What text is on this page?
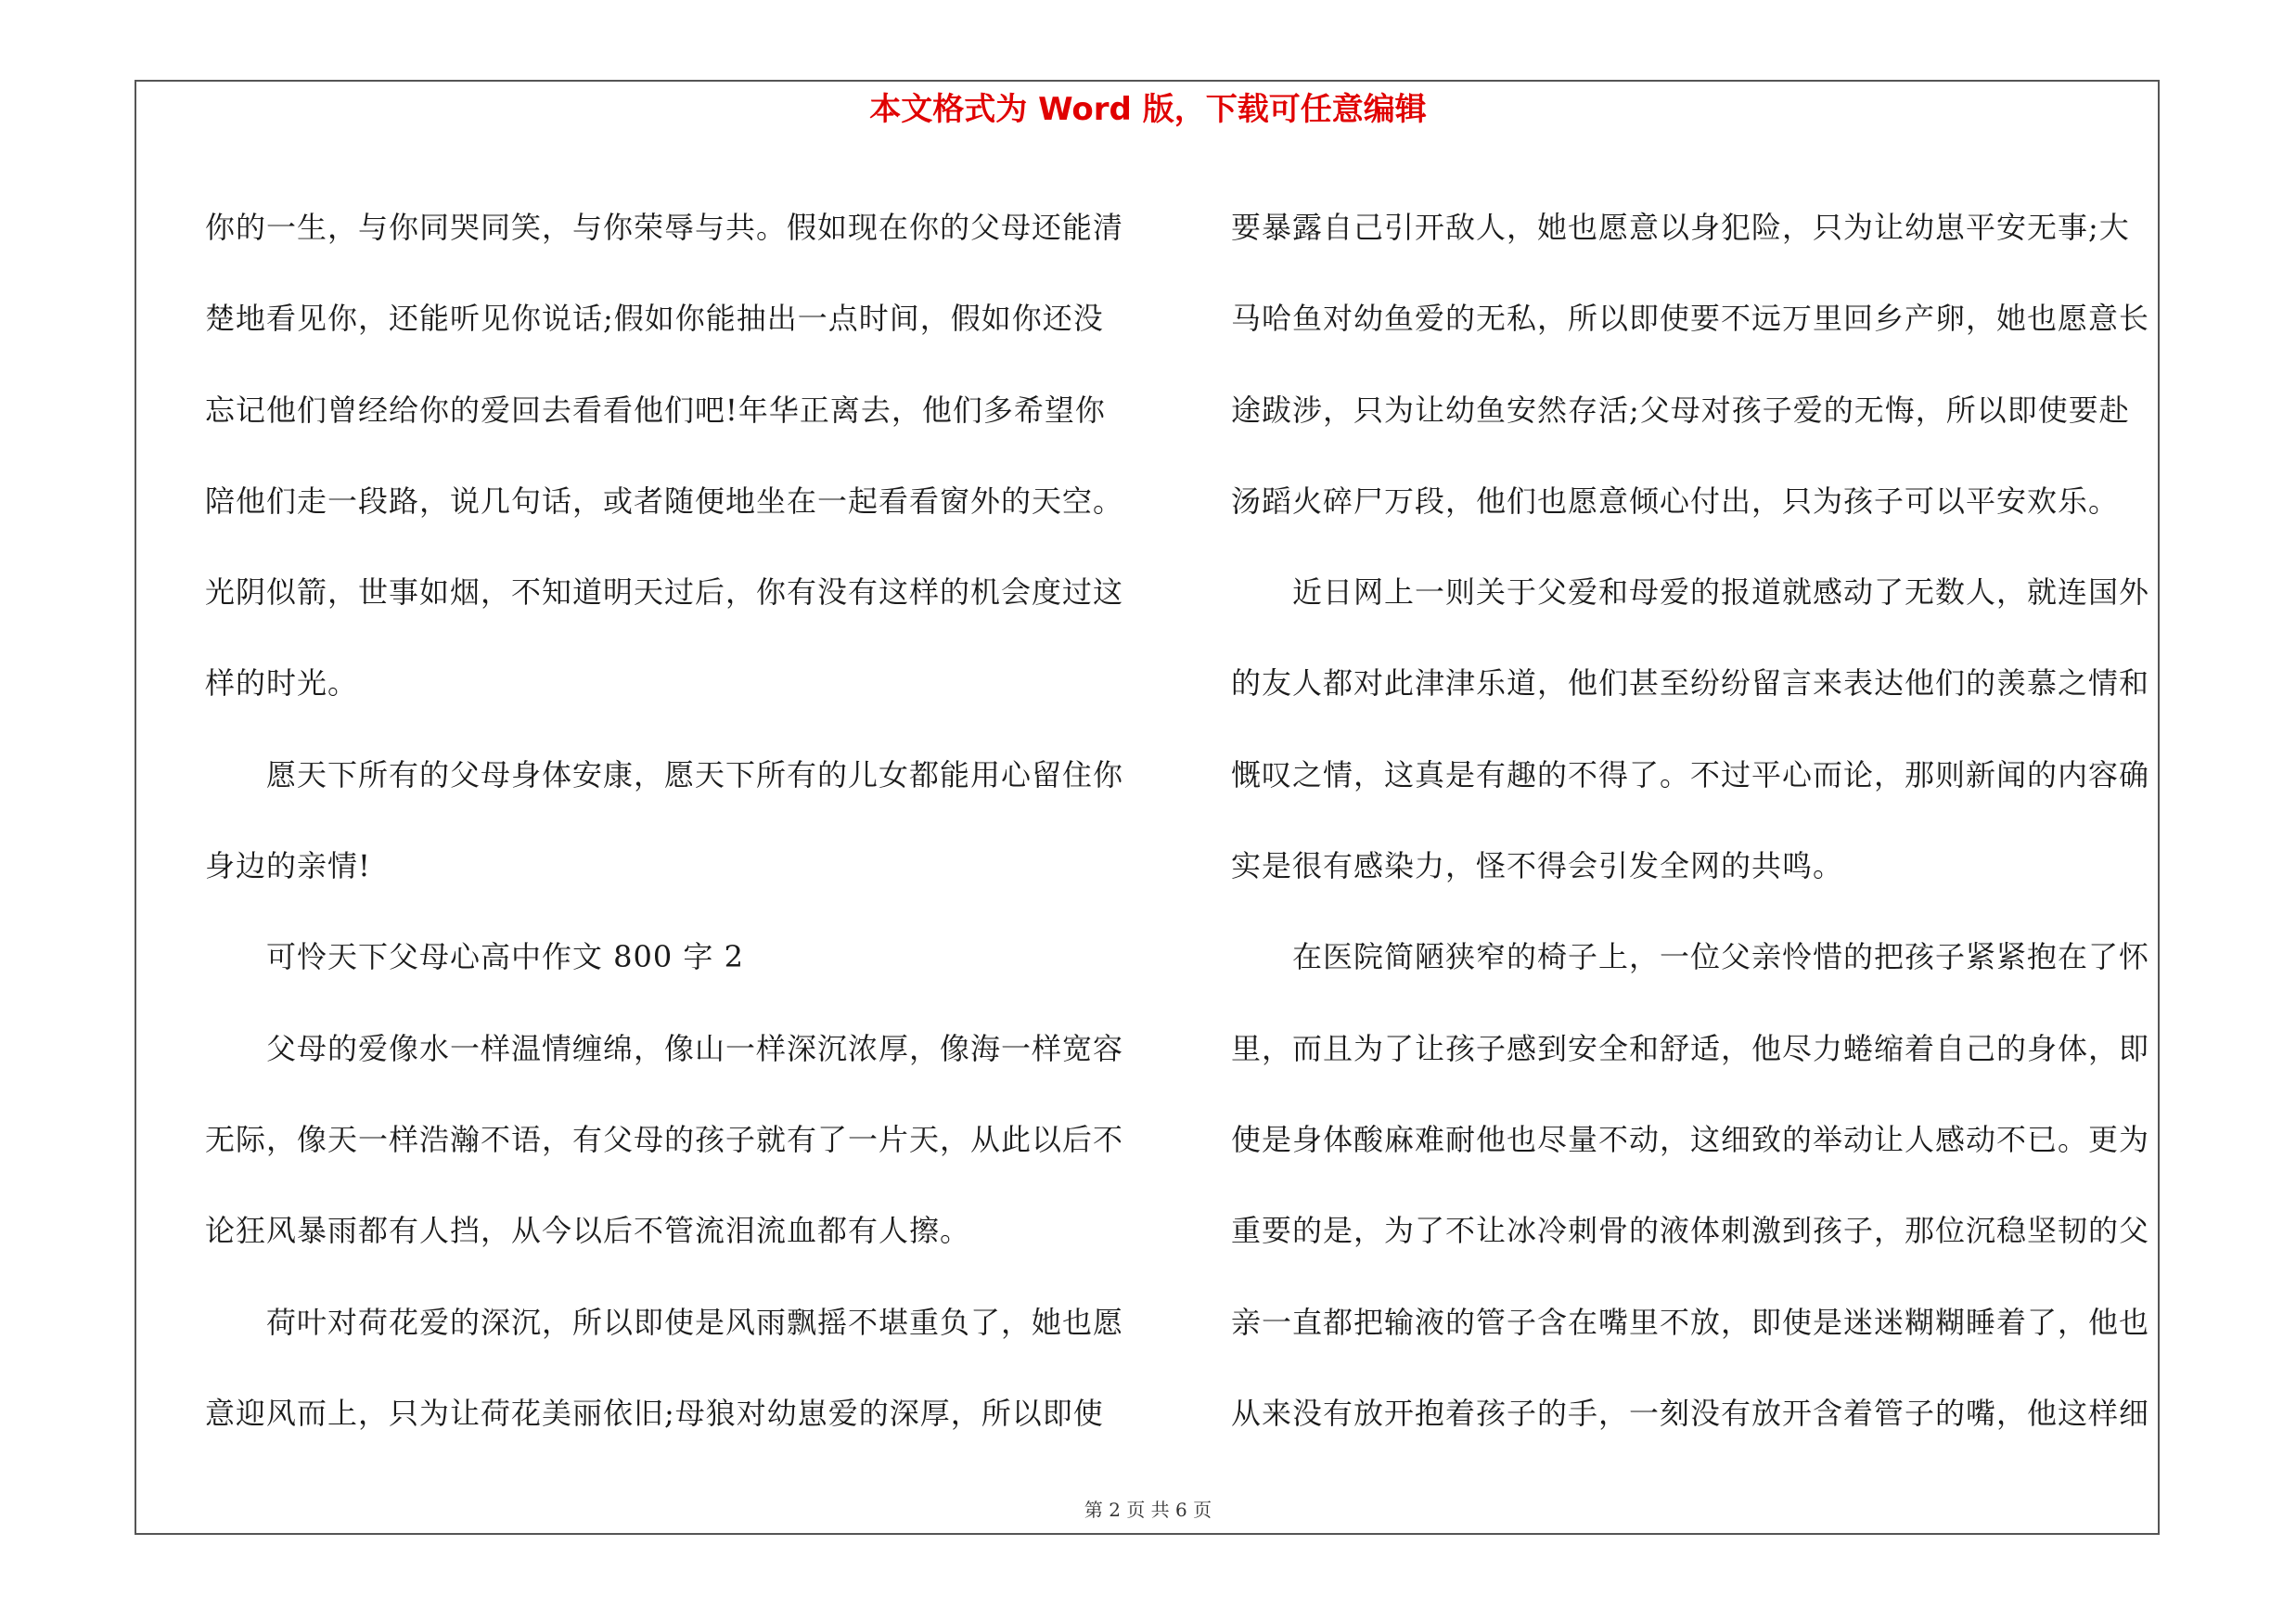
本文格式为 Word 版，下载可任意编辑
你的一生，与你同哭同笑，与你荣辱与共。假如现在你的父母还能清
楚地看见你，还能听见你说话;假如你能抽出一点时间，假如你还没
忘记他们曾经给你的爱回去看看他们吧!年华正离去，他们多希望你
陪他们走一段路，说几句话，或者随便地坐在一起看看窗外的天空。
光阴似箭，世事如烟，不知道明天过后，你有没有这样的机会度过这
样的时光。
愿天下所有的父母身体安康，愿天下所有的儿女都能用心留住你
身边的亲情!
可怜天下父母心高中作文 800 字 2
父母的爱像水一样温情缠绵，像山一样深沉浓厚，像海一样宽容
无际，像天一样浩瀚不语，有父母的孩子就有了一片天，从此以后不
论狂风暴雨都有人挡，从今以后不管流泪流血都有人擦。
荷叶对荷花爱的深沉，所以即使是风雨飘摇不堪重负了，她也愿
意迎风而上，只为让荷花美丽依旧;母狼对幼崽爱的深厚，所以即使
要暴露自己引开敌人，她也愿意以身犯险，只为让幼崽平安无事;大
马哈鱼对幼鱼爱的无私，所以即使要不远万里回乡产卵，她也愿意长
途跋涉，只为让幼鱼安然存活;父母对孩子爱的无悔，所以即使要赴
汤蹈火碎尸万段，他们也愿意倾心付出，只为孩子可以平安欢乐。
近日网上一则关于父爱和母爱的报道就感动了无数人，就连国外
的友人都对此津津乐道，他们甚至纷纷留言来表达他们的羡慕之情和
慨叹之情，这真是有趣的不得了。不过平心而论，那则新闻的内容确
实是很有感染力，怪不得会引发全网的共鸣。
在医院简陋狭窄的椅子上，一位父亲怜惜的把孩子紧紧抱在了怀
里，而且为了让孩子感到安全和舒适，他尽力蜷缩着自己的身体，即
使是身体酸麻难耐他也尽量不动，这细致的举动让人感动不已。更为
重要的是，为了不让冰冷刺骨的液体刺激到孩子，那位沉稳坚韧的父
亲一直都把输液的管子含在嘴里不放，即使是迷迷糊糊睡着了，他也
从来没有放开抱着孩子的手，一刻没有放开含着管子的嘴，他这样细
第 2 页 共 6 页
